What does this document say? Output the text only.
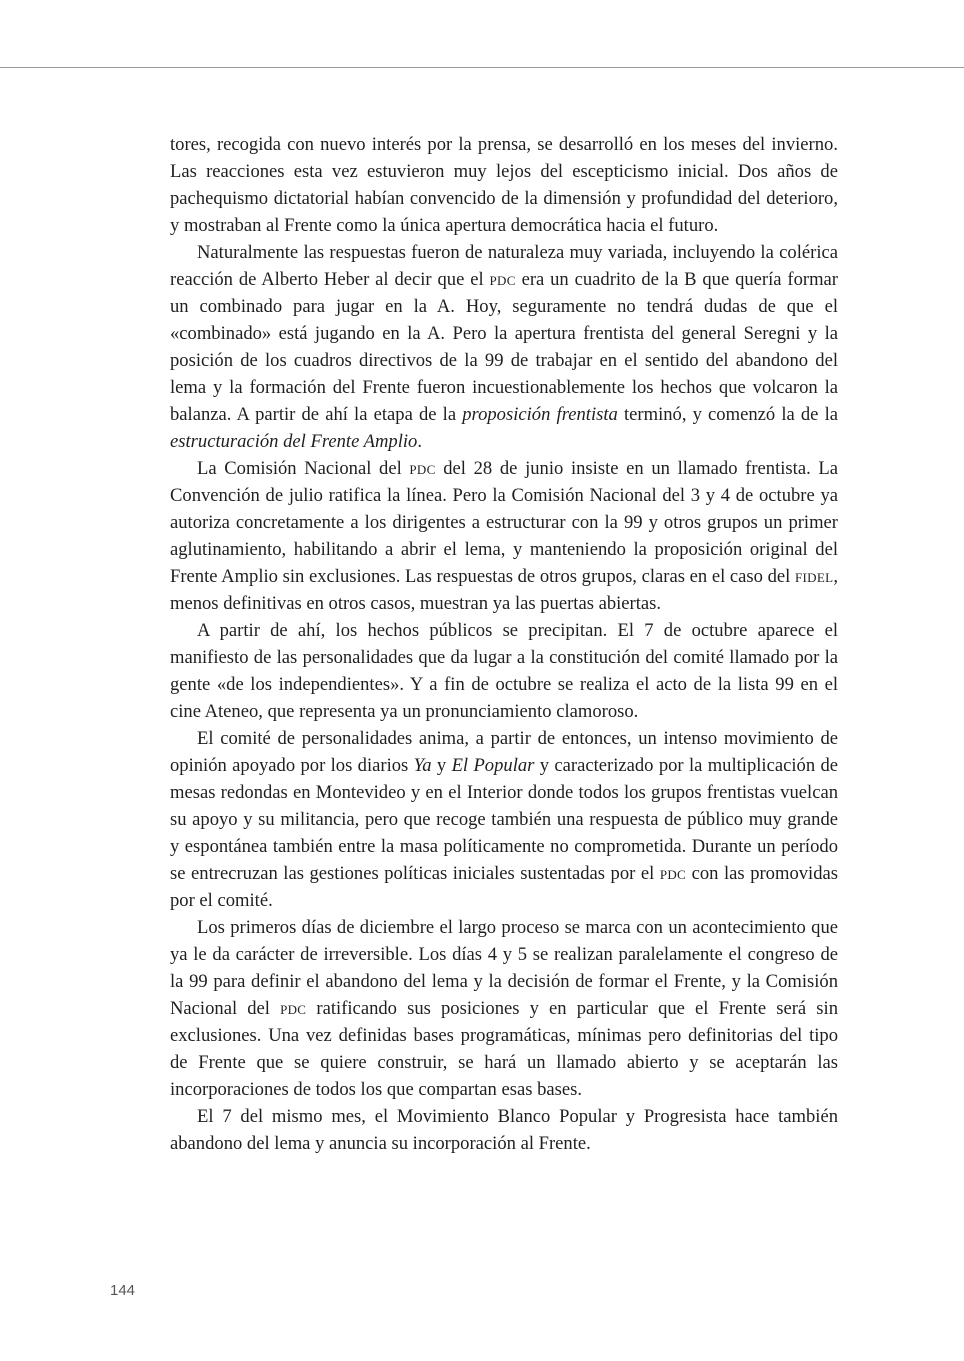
tores, recogida con nuevo interés por la prensa, se desarrolló en los meses del invierno. Las reacciones esta vez estuvieron muy lejos del escepticismo inicial. Dos años de pachequismo dictatorial habían convencido de la dimensión y profundidad del deterioro, y mostraban al Frente como la única apertura democrática hacia el futuro.

Naturalmente las respuestas fueron de naturaleza muy variada, incluyendo la colérica reacción de Alberto Heber al decir que el pdc era un cuadrito de la B que quería formar un combinado para jugar en la A. Hoy, seguramente no tendrá dudas de que el «combinado» está jugando en la A. Pero la apertura frentista del general Seregni y la posición de los cuadros directivos de la 99 de trabajar en el sentido del abandono del lema y la formación del Frente fueron incuestionablemente los hechos que volcaron la balanza. A partir de ahí la etapa de la proposición frentista terminó, y comenzó la de la estructuración del Frente Amplio.

La Comisión Nacional del pdc del 28 de junio insiste en un llamado frentista. La Convención de julio ratifica la línea. Pero la Comisión Nacional del 3 y 4 de octubre ya autoriza concretamente a los dirigentes a estructurar con la 99 y otros grupos un primer aglutinamiento, habilitando a abrir el lema, y manteniendo la proposición original del Frente Amplio sin exclusiones. Las respuestas de otros grupos, claras en el caso del fidel, menos definitivas en otros casos, muestran ya las puertas abiertas.

A partir de ahí, los hechos públicos se precipitan. El 7 de octubre aparece el manifiesto de las personalidades que da lugar a la constitución del comité llamado por la gente «de los independientes». Y a fin de octubre se realiza el acto de la lista 99 en el cine Ateneo, que representa ya un pronunciamiento clamoroso.

El comité de personalidades anima, a partir de entonces, un intenso movimiento de opinión apoyado por los diarios Ya y El Popular y caracterizado por la multiplicación de mesas redondas en Montevideo y en el Interior donde todos los grupos frentistas vuelcan su apoyo y su militancia, pero que recoge también una respuesta de público muy grande y espontánea también entre la masa políticamente no comprometida. Durante un período se entrecruzan las gestiones políticas iniciales sustentadas por el pdc con las promovidas por el comité.

Los primeros días de diciembre el largo proceso se marca con un acontecimiento que ya le da carácter de irreversible. Los días 4 y 5 se realizan paralelamente el congreso de la 99 para definir el abandono del lema y la decisión de formar el Frente, y la Comisión Nacional del pdc ratificando sus posiciones y en particular que el Frente será sin exclusiones. Una vez definidas bases programáticas, mínimas pero definitorias del tipo de Frente que se quiere construir, se hará un llamado abierto y se aceptarán las incorporaciones de todos los que compartan esas bases.

El 7 del mismo mes, el Movimiento Blanco Popular y Progresista hace también abandono del lema y anuncia su incorporación al Frente.

144
